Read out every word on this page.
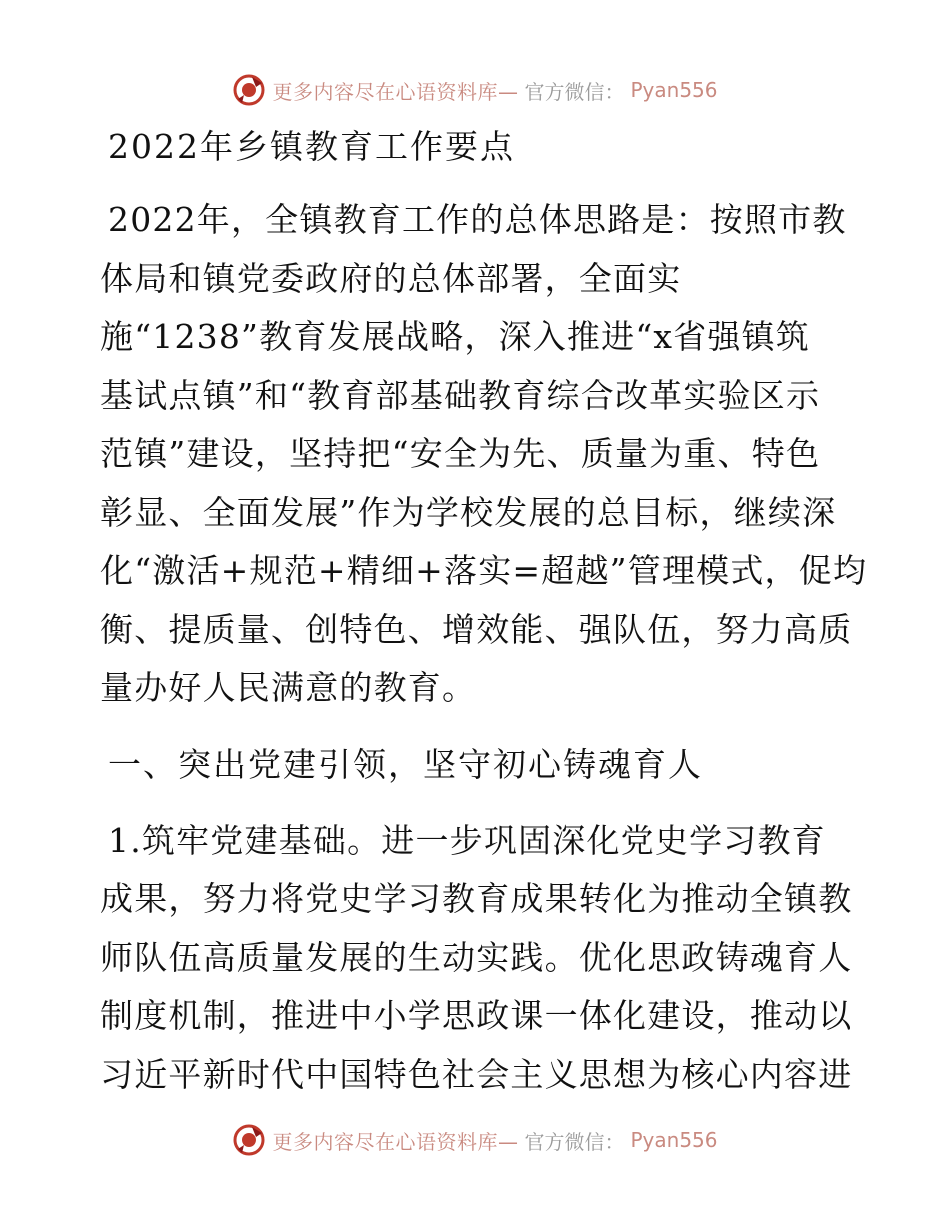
更多内容尽在心语资料库— 官方微信： Pyan556
2022年乡镇教育工作要点

2022年，全镇教育工作的总体思路是：按照市教
体局和镇党委政府的总体部署，全面实
施“1238”教育发展战略，深入推进“x省强镇筑
基试点镇”和“教育部基础教育综合改革实验区示
范镇”建设，坚持把“安全为先、质量为重、特色
彰显、全面发展”作为学校发展的总目标，继续深
化“激活+规范+精细+落实=超越”管理模式，促均
衡、提质量、创特色、增效能、强队伍，努力高质
量办好人民满意的教育。

一、突出党建引领，坚守初心铸魂育人

1.筑牢党建基础。进一步巩固深化党史学习教育
成果，努力将党史学习教育成果转化为推动全镇教
师队伍高质量发展的生动实践。优化思政铸魂育人
制度机制，推进中小学思政课一体化建设，推动以
习近平新时代中国特色社会主义思想为核心内容进

更多内容尽在心语资料库— 官方微信： Pyan556
